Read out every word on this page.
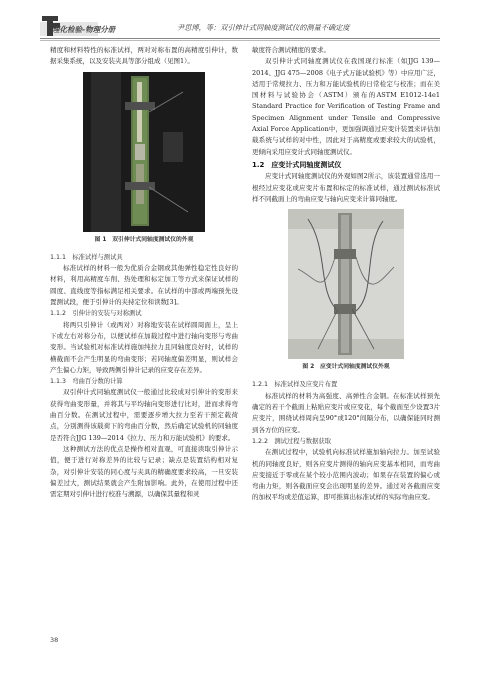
理化检验-物理分册	尹思博，等：双引伸计式同轴度测试仪的测量不确定度

精度和材料特性的标准试样，两对对称布置的高精度引伸计，数据采集系统，以及安装夹具等部分组成（见图1）。

图 1　双引伸计式同轴度测试仪的外观

1.1.1　标准试样与测试具

标准试样的材料一般为优质合金钢或其他弹性稳定性良好的材料，利用高精度车削、热处理和标定加工等方式来保证试样的圆度、直线度等指标满足相关要求。在试样的中部或两端预先设置测试段，便于引伸计的夹持定位和读数[3]。

1.1.2　引伸计的安装与对称测试

将两只引伸计（或两对）对称地安装在试样圆周面上，呈上下或左右对称分布，以便试样在加载过程中进行轴向变形与弯曲变形。当试验机对标准试样施加纯拉力且同轴度良好时，试样的横截面不会产生明显的弯曲变形；若同轴度偏差明显，则试样会产生偏心力矩，导致两侧引伸计记录的应变存在差异。

1.1.3　弯曲百分数的计算

双引伸计式同轴度测试仪一般通过比较成对引伸计的变形来获得弯曲变形量，并将其与平均轴向变形进行比对，进而求得弯曲百分数。在测试过程中，需要逐步增大拉力至若干预定载荷点，分别测得该载荷下的弯曲百分数，然后确定试验机的同轴度是否符合JJG 139—2014《拉力、压力和万能试验机》的要求。

这种测试方法的优点是操作相对直观，可直接读取引伸计示值，便于进行对称差异的比较与记录；缺点是装置结构相对复杂，对引伸计安装的同心度与夹具的精确度要求较高，一旦安装偏差过大，测试结果就会产生附加影响。此外，在使用过程中还需定期对引伸计进行校准与溯源，以确保其量程和灵

敏度符合测试精度的要求。

双引伸计式同轴度测试仪在我国现行标准（如JJG 139—2014、JJG 475—2008《电子式万能试验机》等）中应用广泛，适用于常规拉力、压力和万能试验机的日常检定与校准；而在美国材料与试验协会（ASTM）颁布的ASTM E1012-14e1 Standard Practice for Verification of Testing Frame and Specimen Alignment under Tensile and Compressive Axial Force Application中，更加强调通过应变计装置来评估加载系统与试样的对中性，因此对于高精度或要求较大的试验机，更倾向采用应变计式同轴度测试仪。

1.2　应变计式同轴度测试仪

应变计式同轴度测试仪的外观如图2所示，该装置通常选用一根经过应变花或应变片布置和标定的标准试样，通过测试标准试样不同截面上的弯曲应变与轴向应变来计算同轴度。

图 2　应变计式同轴度测试仪外观

1.2.1　标准试样及应变片布置

标准试样的材料为高强度、高弹性合金钢。在标准试样预先确定的若干个截面上粘贴应变片或应变花，每个截面至少设置3片应变片，围绕试样周向呈90°或120°间隔分布，以确保能同时测到各方位的应变。

1.2.2　测试过程与数据获取

在测试过程中，试验机向标准试样施加轴向拉力。加至试验机的同轴度良好，则各应变片测得的轴向应变基本相同，而弯曲应变接近于零或在某个较小范围内波动；如果存在装置的偏心或弯曲力矩，则各截面应变会出现明显的差异。通过对各截面应变的加权平均或差值运算，即可推算出标准试样的实际弯曲应变。

38
